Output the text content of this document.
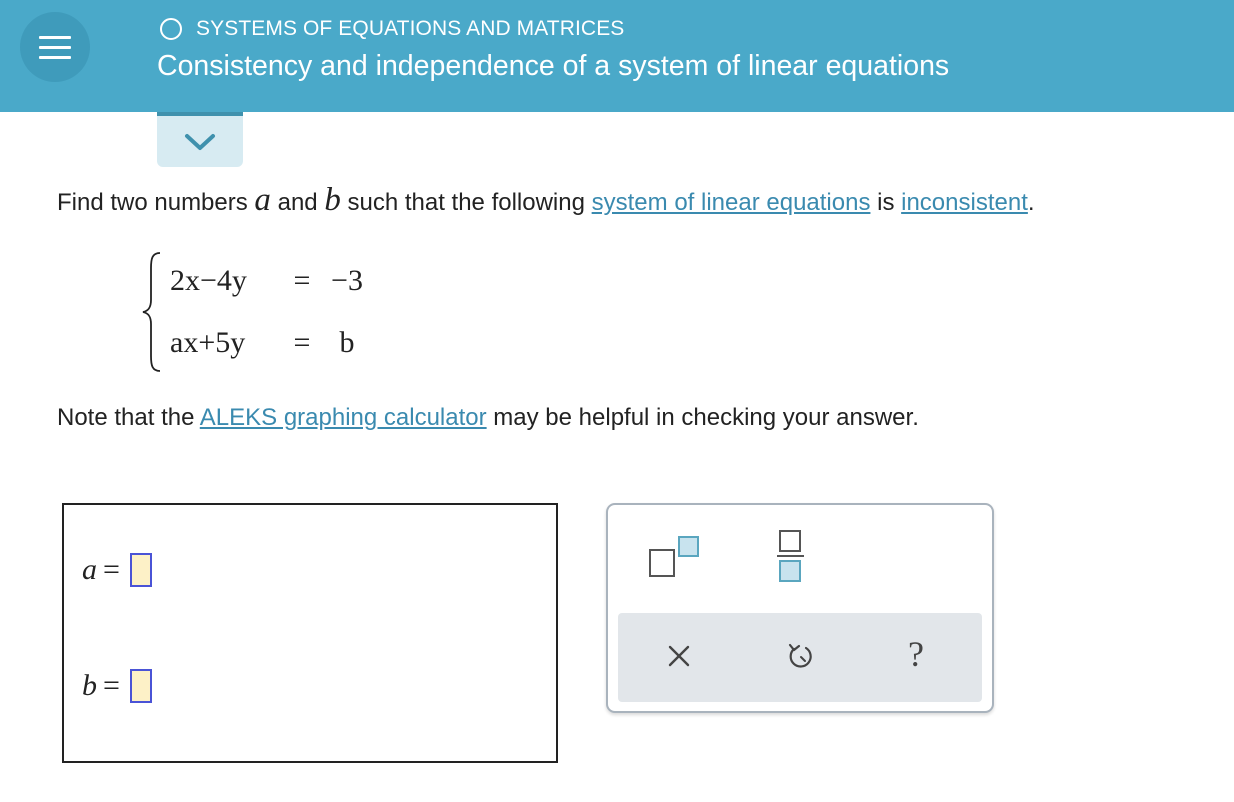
SYSTEMS OF EQUATIONS AND MATRICES
Consistency and independence of a system of linear equations
Find two numbers a and b such that the following system of linear equations is inconsistent.
2x−4y = −3
ax+5y = b
Note that the ALEKS graphing calculator may be helpful in checking your answer.
a =
b =
?
